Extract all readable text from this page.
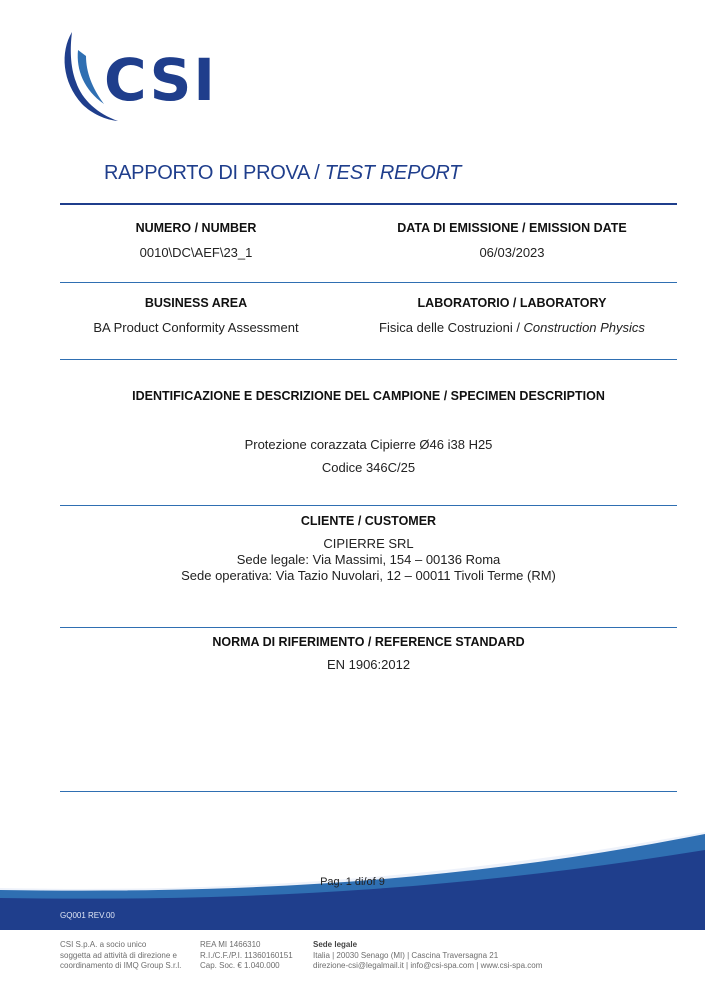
CSI
RAPPORTO DI PROVA / TEST REPORT
NUMERO / NUMBER
0010\DC\AEF\23_1
DATA DI EMISSIONE / EMISSION DATE
06/03/2023
BUSINESS AREA
BA Product Conformity Assessment
LABORATORIO / LABORATORY
Fisica delle Costruzioni / Construction Physics
IDENTIFICAZIONE E DESCRIZIONE DEL CAMPIONE / SPECIMEN DESCRIPTION
Protezione corazzata Cipierre Ø46 i38 H25
Codice 346C/25
CLIENTE / CUSTOMER
CIPIERRE SRL
Sede legale: Via Massimi, 154 – 00136 Roma
Sede operativa: Via Tazio Nuvolari, 12 – 00011 Tivoli Terme (RM)
NORMA DI RIFERIMENTO / REFERENCE STANDARD
EN 1906:2012
Pag. 1 di/of 9
GQ001 REV.00
CSI S.p.A. a socio unico
soggetta ad attività di direzione e
coordinamento di IMQ Group S.r.l.
REA MI 1466310
R.I./C.F./P.I. 11360160151
Cap. Soc. € 1.040.000
Sede legale
Italia | 20030 Senago (MI) | Cascina Traversagna 21
direzione-csi@legalmail.it | info@csi-spa.com | www.csi-spa.com
